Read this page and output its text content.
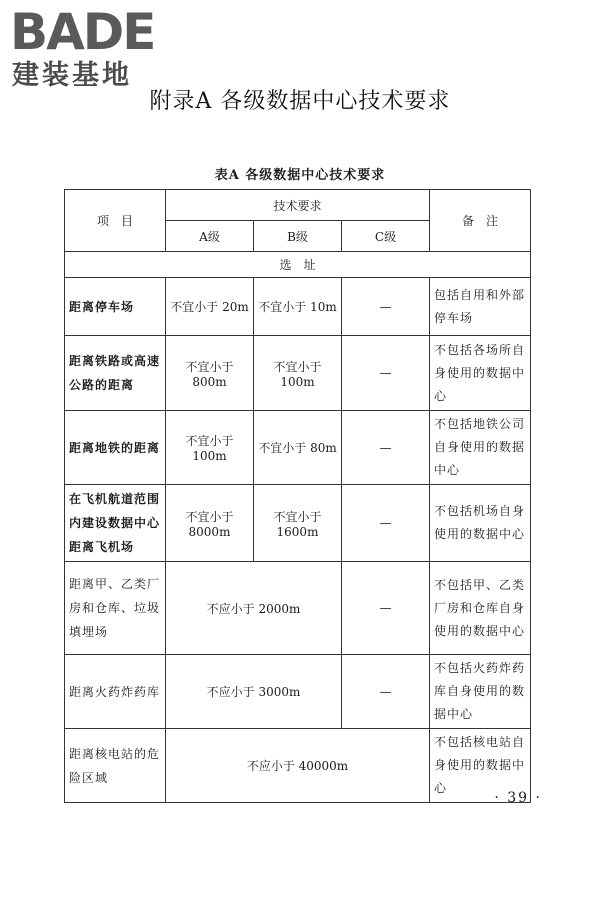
BADE
建装基地
附录A 各级数据中心技术要求
表A 各级数据中心技术要求
项　目	技术要求			备　注
	A级	B级	C级	
选　址				
距离停车场	不宜小于 20m	不宜小于 10m	—	包括自用和外部停车场
距离铁路或高速公路的距离	不宜小于 800m	不宜小于 100m	—	不包括各场所自身使用的数据中心
距离地铁的距离	不宜小于 100m	不宜小于 80m	—	不包括地铁公司自身使用的数据中心
在飞机航道范围内建设数据中心距离飞机场	不宜小于 8000m	不宜小于 1600m	—	不包括机场自身使用的数据中心
距离甲、乙类厂房和仓库、垃圾填埋场	不应小于 2000m		—	不包括甲、乙类厂房和仓库自身使用的数据中心
距离火药炸药库	不应小于 3000m		—	不包括火药炸药库自身使用的数据中心
距离核电站的危险区域	不应小于 40000m			不包括核电站自身使用的数据中心
· 39 ·
